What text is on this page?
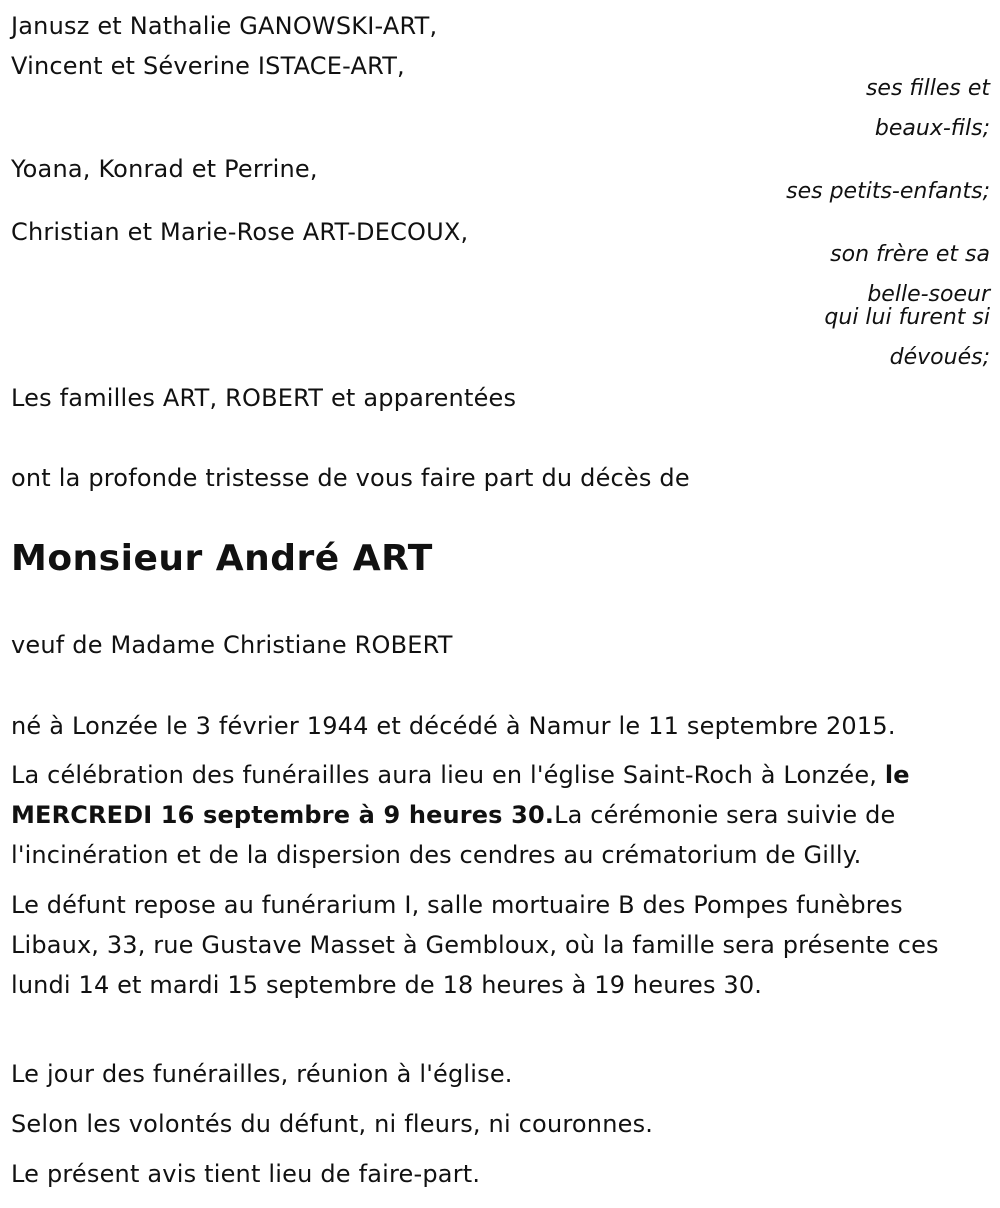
Janusz et Nathalie GANOWSKI-ART,
Vincent et Séverine ISTACE-ART,
ses filles et
beaux-fils;
Yoana, Konrad et Perrine,
ses petits-enfants;
Christian et Marie-Rose ART-DECOUX,
son frère et sa
belle-soeur
qui lui furent si
dévoués;
Les familles ART, ROBERT et apparentées
ont la profonde tristesse de vous faire part du décès de
Monsieur André ART
veuf de Madame Christiane ROBERT
né à Lonzée le 3 février 1944 et décédé à Namur le 11 septembre 2015.
La célébration des funérailles aura lieu en l'église Saint-Roch à Lonzée, le MERCREDI 16 septembre à 9 heures 30.La cérémonie sera suivie de l'incinération et de la dispersion des cendres au crématorium de Gilly.
Le défunt repose au funérarium I, salle mortuaire B des Pompes funèbres Libaux, 33, rue Gustave Masset à Gembloux, où la famille sera présente ces lundi 14 et mardi 15 septembre de 18 heures à 19 heures 30.
Le jour des funérailles, réunion à l'église.
Selon les volontés du défunt, ni fleurs, ni couronnes.
Le présent avis tient lieu de faire-part.
